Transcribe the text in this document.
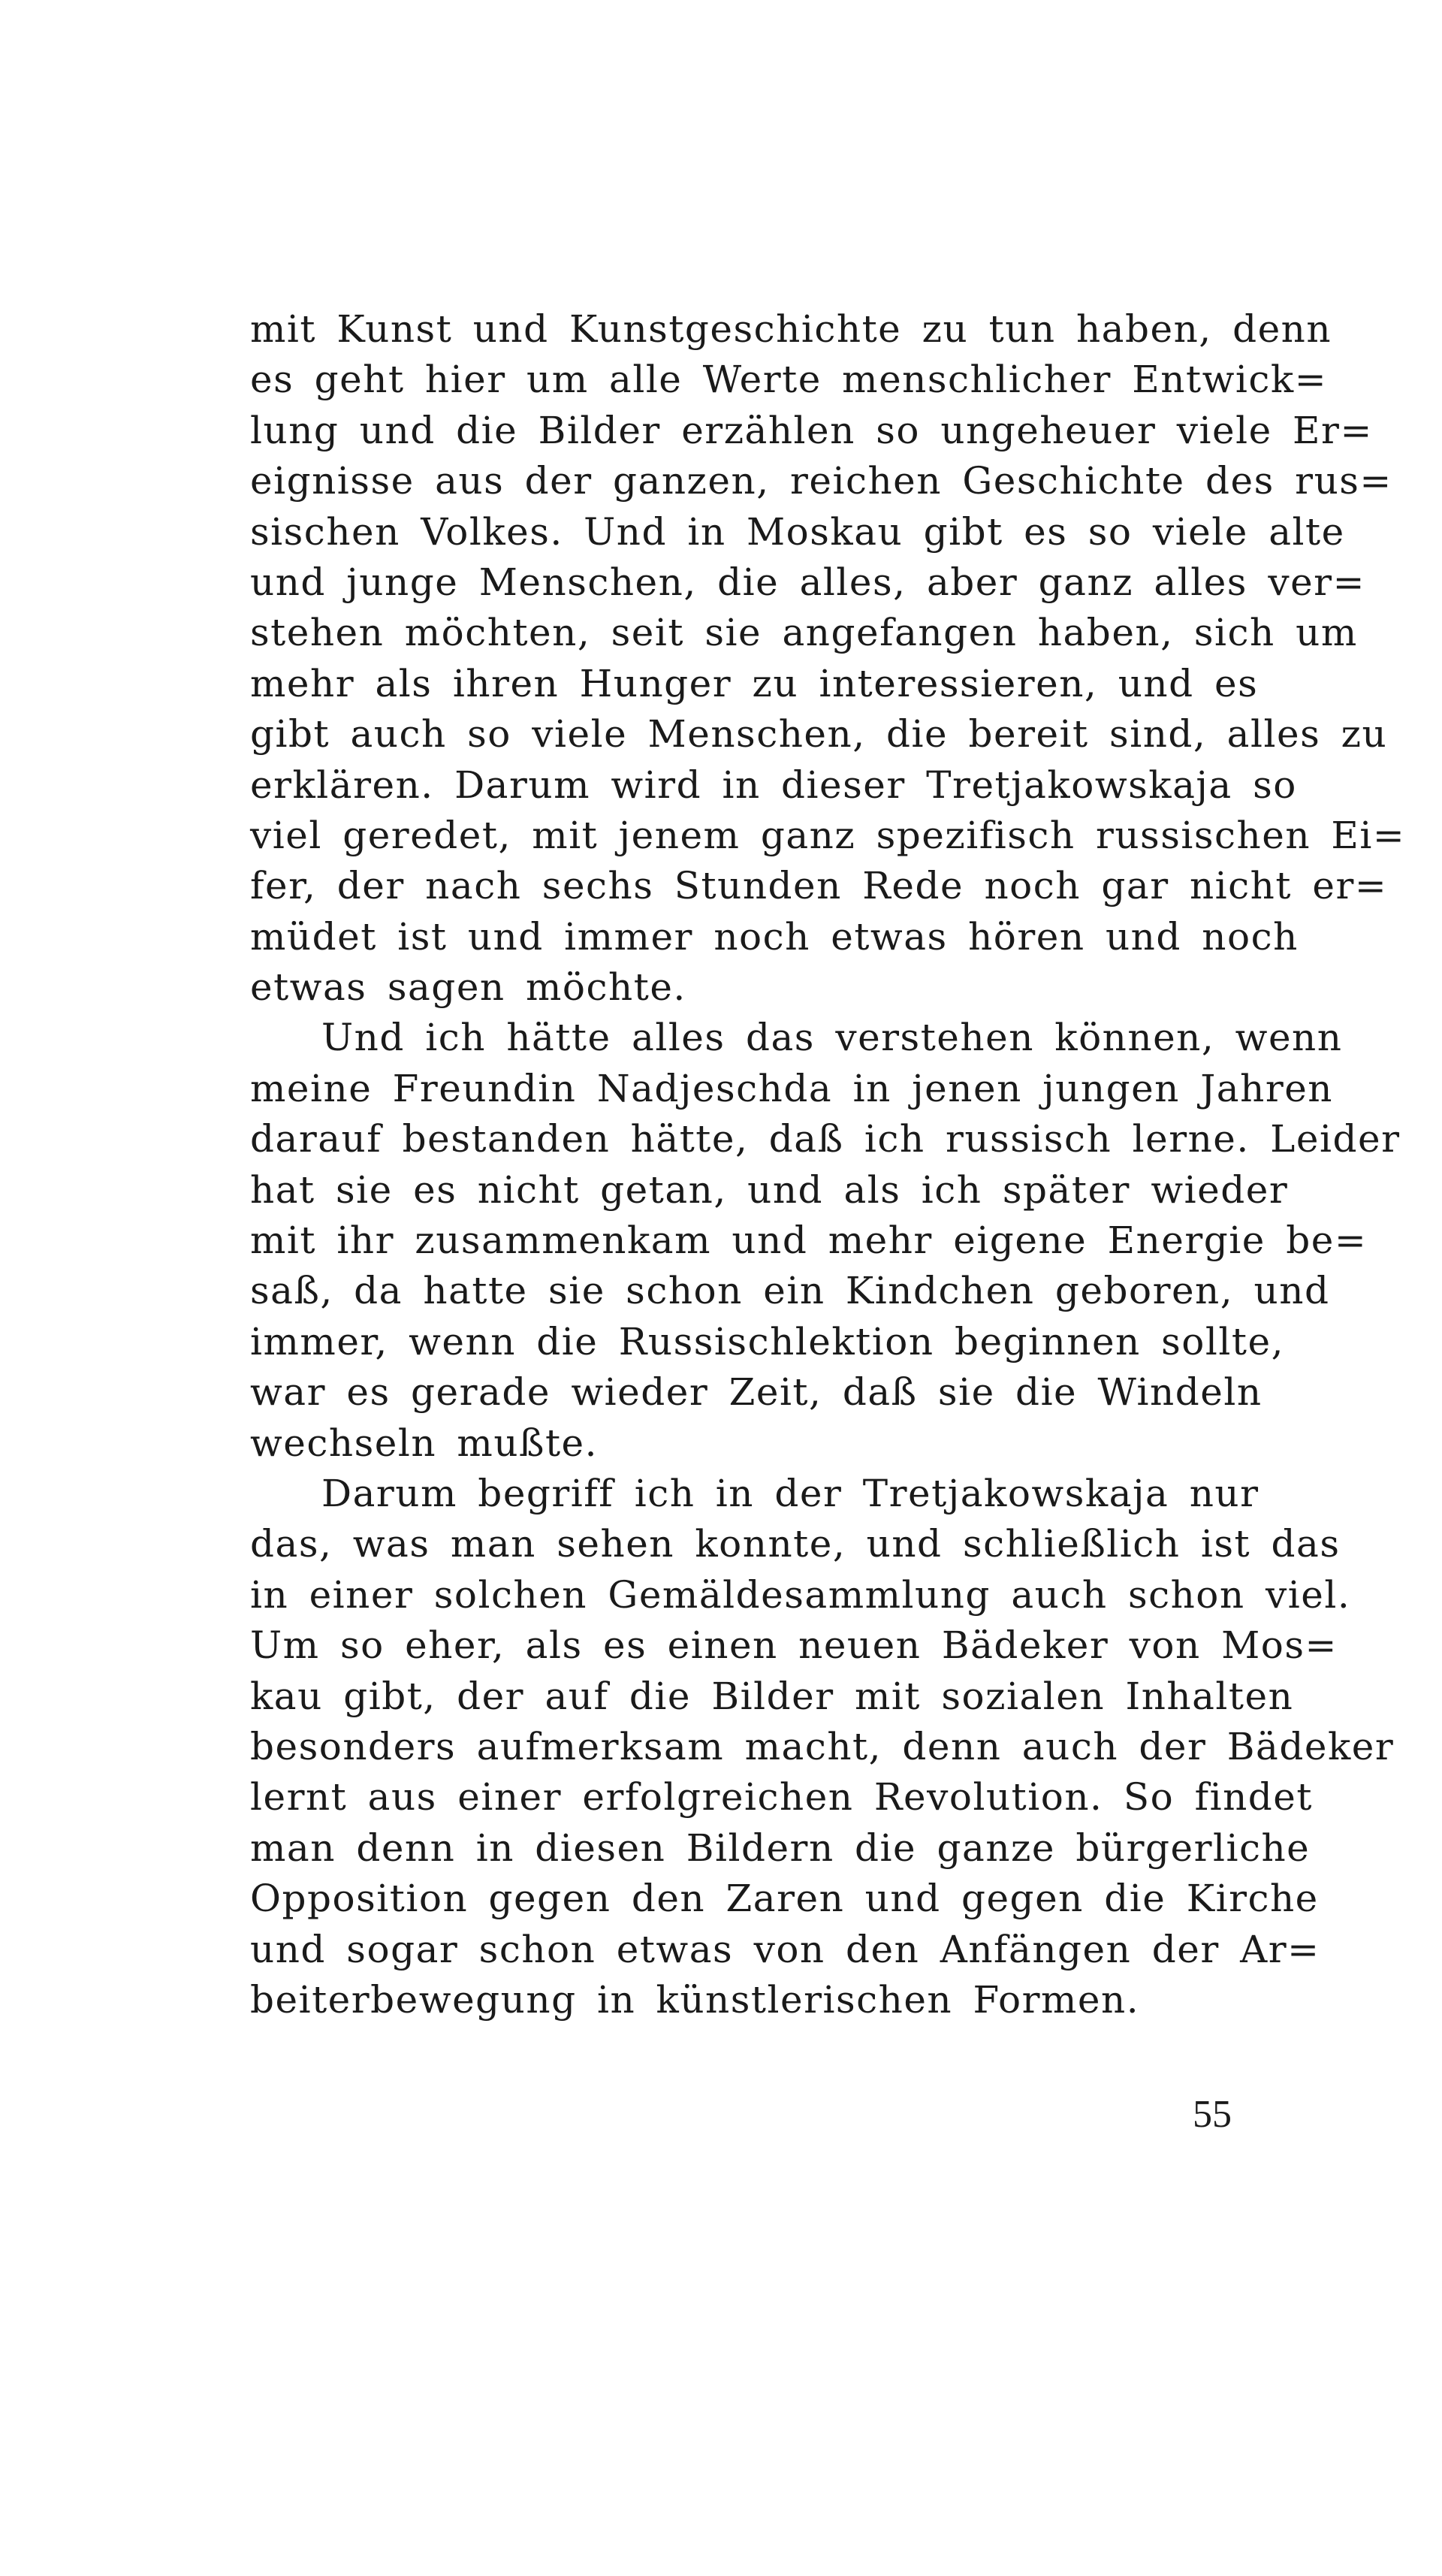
mit Kunst und Kunstgeschichte zu tun haben, denn
es geht hier um alle Werte menschlicher Entwick=
lung und die Bilder erzählen so ungeheuer viele Er=
eignisse aus der ganzen, reichen Geschichte des rus=
sischen Volkes. Und in Moskau gibt es so viele alte
und junge Menschen, die alles, aber ganz alles ver=
stehen möchten, seit sie angefangen haben, sich um
mehr als ihren Hunger zu interessieren, und es
gibt auch so viele Menschen, die bereit sind, alles zu
erklären. Darum wird in dieser Tretjakowskaja so
viel geredet, mit jenem ganz spezifisch russischen Ei=
fer, der nach sechs Stunden Rede noch gar nicht er=
müdet ist und immer noch etwas hören und noch
etwas sagen möchte.
Und ich hätte alles das verstehen können, wenn
meine Freundin Nadjeschda in jenen jungen Jahren
darauf bestanden hätte, daß ich russisch lerne. Leider
hat sie es nicht getan, und als ich später wieder
mit ihr zusammenkam und mehr eigene Energie be=
saß, da hatte sie schon ein Kindchen geboren, und
immer, wenn die Russischlektion beginnen sollte,
war es gerade wieder Zeit, daß sie die Windeln
wechseln mußte.
Darum begriff ich in der Tretjakowskaja nur
das, was man sehen konnte, und schließlich ist das
in einer solchen Gemäldesammlung auch schon viel.
Um so eher, als es einen neuen Bädeker von Mos=
kau gibt, der auf die Bilder mit sozialen Inhalten
besonders aufmerksam macht, denn auch der Bädeker
lernt aus einer erfolgreichen Revolution. So findet
man denn in diesen Bildern die ganze bürgerliche
Opposition gegen den Zaren und gegen die Kirche
und sogar schon etwas von den Anfängen der Ar=
beiterbewegung in künstlerischen Formen.
55
